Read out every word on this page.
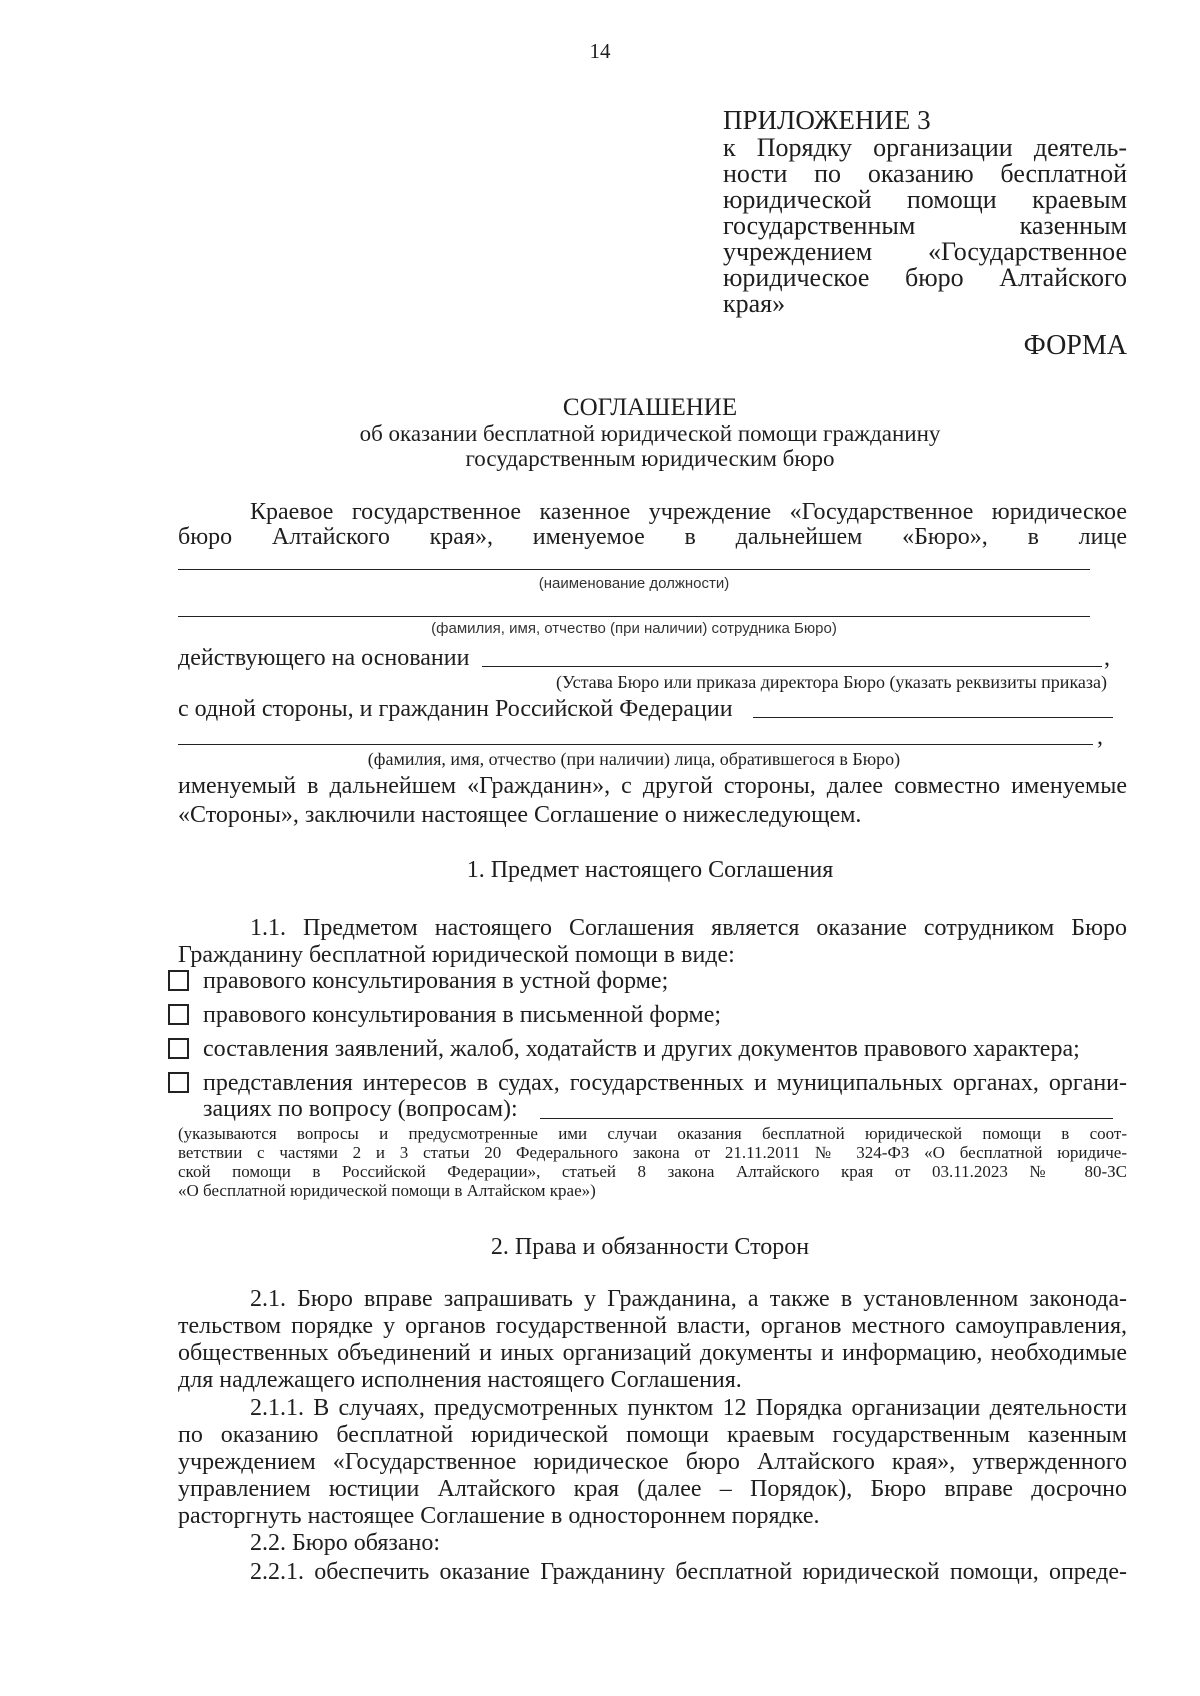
14
ПРИЛОЖЕНИЕ 3
к Порядку организации деятель-
ности по оказанию бесплатной
юридической помощи краевым
государственным казенным
учреждением «Государственное
юридическое бюро Алтайского
края»
ФОРМА
СОГЛАШЕНИЕ
об оказании бесплатной юридической помощи гражданину
государственным юридическим бюро
Краевое государственное казенное учреждение «Государственное юридическое
бюро Алтайского края», именуемое в дальнейшем «Бюро», в лице
(наименование должности)
(фамилия, имя, отчество (при наличии) сотрудника Бюро)
действующего на основании	,
(Устава Бюро или приказа директора Бюро (указать реквизиты приказа)
с одной стороны, и гражданин Российской Федерации
,
(фамилия, имя, отчество (при наличии) лица, обратившегося в Бюро)
именуемый в дальнейшем «Гражданин», с другой стороны, далее совместно именуемые
«Стороны», заключили настоящее Соглашение о нижеследующем.
1. Предмет настоящего Соглашения
1.1. Предметом настоящего Соглашения является оказание сотрудником Бюро
Гражданину бесплатной юридической помощи в виде:
правового консультирования в устной форме;
правового консультирования в письменной форме;
составления заявлений, жалоб, ходатайств и других документов правового характера;
представления интересов в судах, государственных и муниципальных органах, органи-
зациях по вопросу (вопросам):
(указываются вопросы и предусмотренные ими случаи оказания бесплатной юридической помощи в соот-
ветствии с частями 2 и 3 статьи 20 Федерального закона от 21.11.2011 № 324-ФЗ «О бесплатной юридиче-
ской помощи в Российской Федерации», статьей 8 закона Алтайского края от 03.11.2023 № 80-ЗС
«О бесплатной юридической помощи в Алтайском крае»)
2. Права и обязанности Сторон
2.1. Бюро вправе запрашивать у Гражданина, а также в установленном законода-
тельством порядке у органов государственной власти, органов местного самоуправления,
общественных объединений и иных организаций документы и информацию, необходимые
для надлежащего исполнения настоящего Соглашения.
2.1.1. В случаях, предусмотренных пунктом 12 Порядка организации деятельности
по оказанию бесплатной юридической помощи краевым государственным казенным
учреждением «Государственное юридическое бюро Алтайского края», утвержденного
управлением юстиции Алтайского края (далее – Порядок), Бюро вправе досрочно
расторгнуть настоящее Соглашение в одностороннем порядке.
2.2. Бюро обязано:
2.2.1. обеспечить оказание Гражданину бесплатной юридической помощи, опреде-
